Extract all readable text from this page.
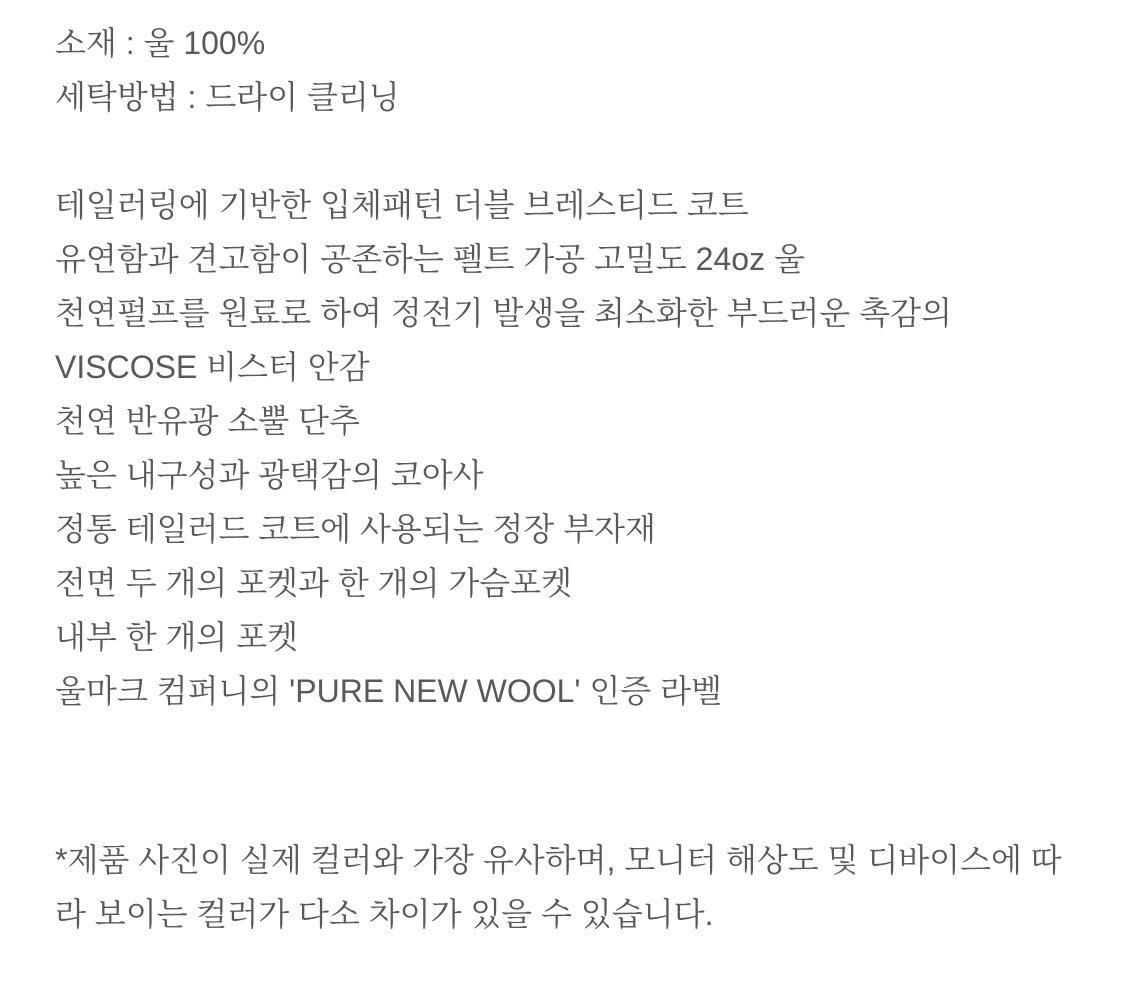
소재 : 울 100%

세탁방법 : 드라이 클리닝

테일러링에 기반한 입체패턴 더블 브레스티드 코트

유연함과 견고함이 공존하는 펠트 가공 고밀도 24oz 울

천연펄프를 원료로 하여 정전기 발생을 최소화한 부드러운 촉감의

VISCOSE 비스터 안감

천연 반유광 소뿔 단추

높은 내구성과 광택감의 코아사

정통 테일러드 코트에 사용되는 정장 부자재

전면 두 개의 포켓과 한 개의 가슴포켓

내부 한 개의 포켓

울마크 컴퍼니의 'PURE NEW WOOL' 인증 라벨

*제품 사진이 실제 컬러와 가장 유사하며, 모니터 해상도 및 디바이스에 따라 보이는 컬러가 다소 차이가 있을 수 있습니다.
